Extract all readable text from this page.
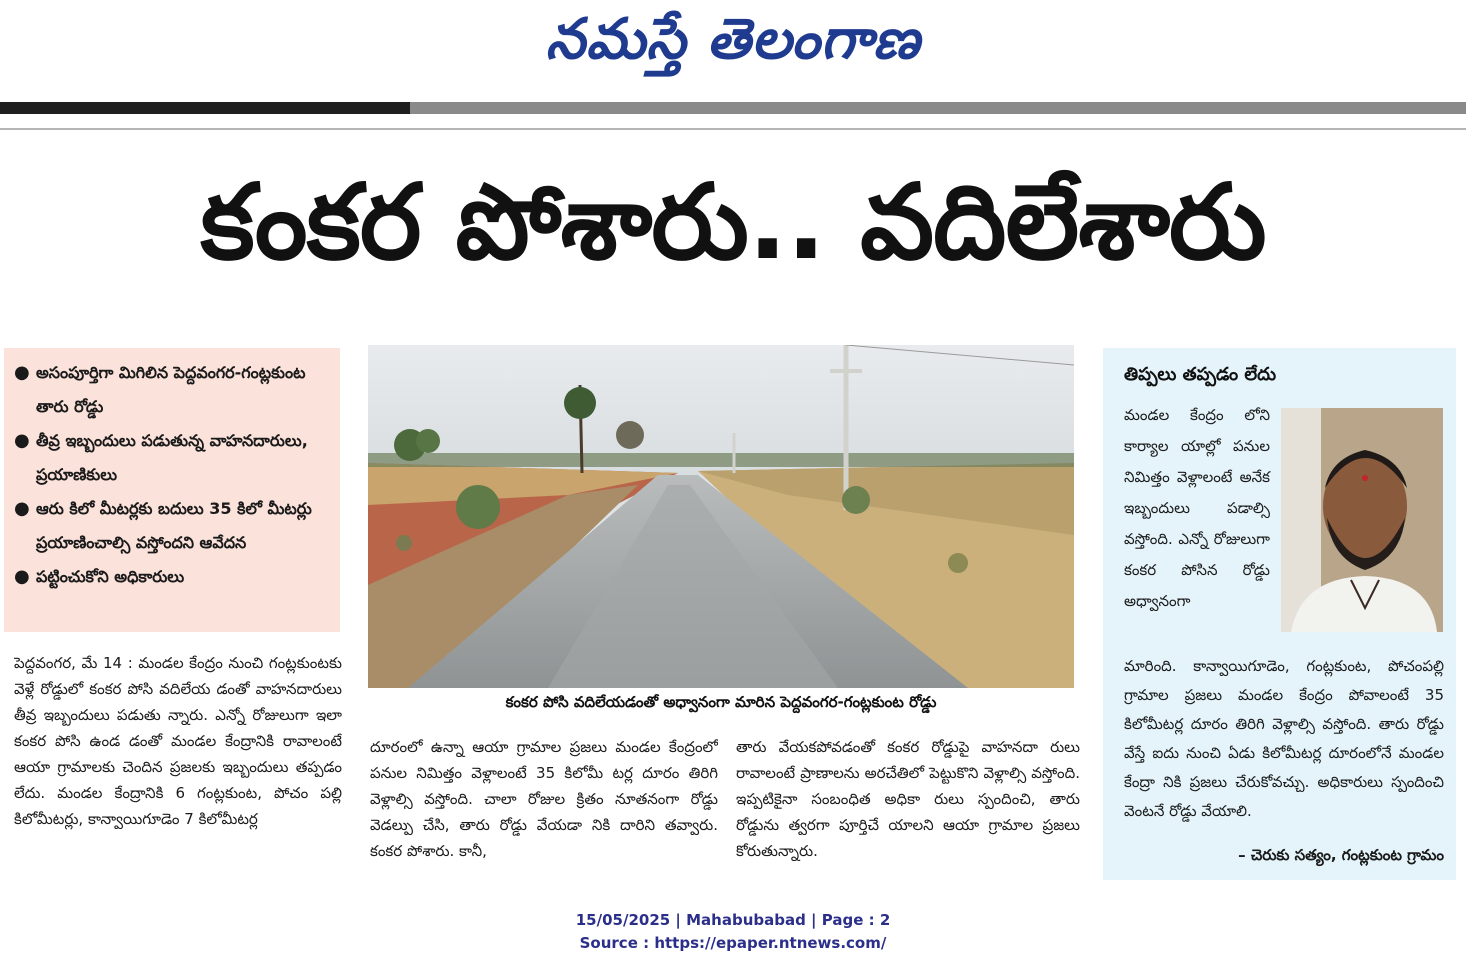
నమస్తే తెలంగాణ
కంకర పోశారు.. వదిలేశారు
● అసంపూర్తిగా మిగిలిన పెద్దవంగర-గంట్లకుంట తారు రోడ్డు
● తీవ్ర ఇబ్బందులు పడుతున్న వాహనదారులు, ప్రయాణికులు
● ఆరు కిలో మీటర్లకు బదులు 35 కిలో మీటర్లు ప్రయాణించాల్సి వస్తోందని ఆవేదన
● పట్టించుకోని అధికారులు
కంకర పోసి వదిలేయడంతో అధ్వానంగా మారిన పెద్దవంగర-గంట్లకుంట రోడ్డు
పెద్దవంగర, మే 14 : మండల కేంద్రం నుంచి గంట్లకుంటకు వెళ్లే రోడ్డులో కంకర పోసి వదిలేయ డంతో వాహనదారులు తీవ్ర ఇబ్బందులు పడుతు న్నారు. ఎన్నో రోజులుగా ఇలా కంకర పోసి ఉండ డంతో మండల కేంద్రానికి రావాలంటే ఆయా గ్రామాలకు చెందిన ప్రజలకు ఇబ్బందులు తప్పడం లేదు. మండల కేంద్రానికి 6 గంట్లకుంట, పోచం పల్లి కిలోమీటర్లు, కాన్వాయిగూడెం 7 కిలోమీటర్ల
దూరంలో ఉన్నా ఆయా గ్రామాల ప్రజలు మండల కేంద్రంలో పనుల నిమిత్తం వెళ్లాలంటే 35 కిలోమీ టర్ల దూరం తిరిగి వెళ్లాల్సి వస్తోంది. చాలా రోజుల క్రితం నూతనంగా రోడ్డు వెడల్పు చేసి, తారు రోడ్డు వేయడా నికి దారిని తవ్వారు. కంకర పోశారు. కానీ,
తారు వేయకపోవడంతో కంకర రోడ్డుపై వాహనదా రులు రావాలంటే ప్రాణాలను అరచేతిలో పెట్టుకొని వెళ్లాల్సి వస్తోంది. ఇప్పటికైనా సంబంధిత అధికా రులు స్పందించి, తారు రోడ్డును త్వరగా పూర్తిచే యాలని ఆయా గ్రామాల ప్రజలు కోరుతున్నారు.
తిప్పలు తప్పడం లేదు
మండల కేంద్రం లోని కార్యాల యాల్లో పనుల నిమిత్తం వెళ్లాలంటే అనేక ఇబ్బందులు పడాల్సి వస్తోంది. ఎన్నో రోజులుగా కంకర పోసిన రోడ్డు అధ్వానంగా
మారింది. కాన్వాయిగూడెం, గంట్లకుంట, పోచంపల్లి గ్రామాల ప్రజలు మండల కేంద్రం పోవాలంటే 35 కిలోమీటర్ల దూరం తిరిగి వెళ్లాల్సి వస్తోంది. తారు రోడ్డు వేస్తే ఐదు నుంచి ఏడు కిలోమీటర్ల దూరంలోనే మండల కేంద్రా నికి ప్రజలు చేరుకోవచ్చు. అధికారులు స్పందించి వెంటనే రోడ్డు వేయాలి.
– చెరుకు సత్యం, గంట్లకుంట గ్రామం
15/05/2025 | Mahabubabad | Page : 2
Source : https://epaper.ntnews.com/
